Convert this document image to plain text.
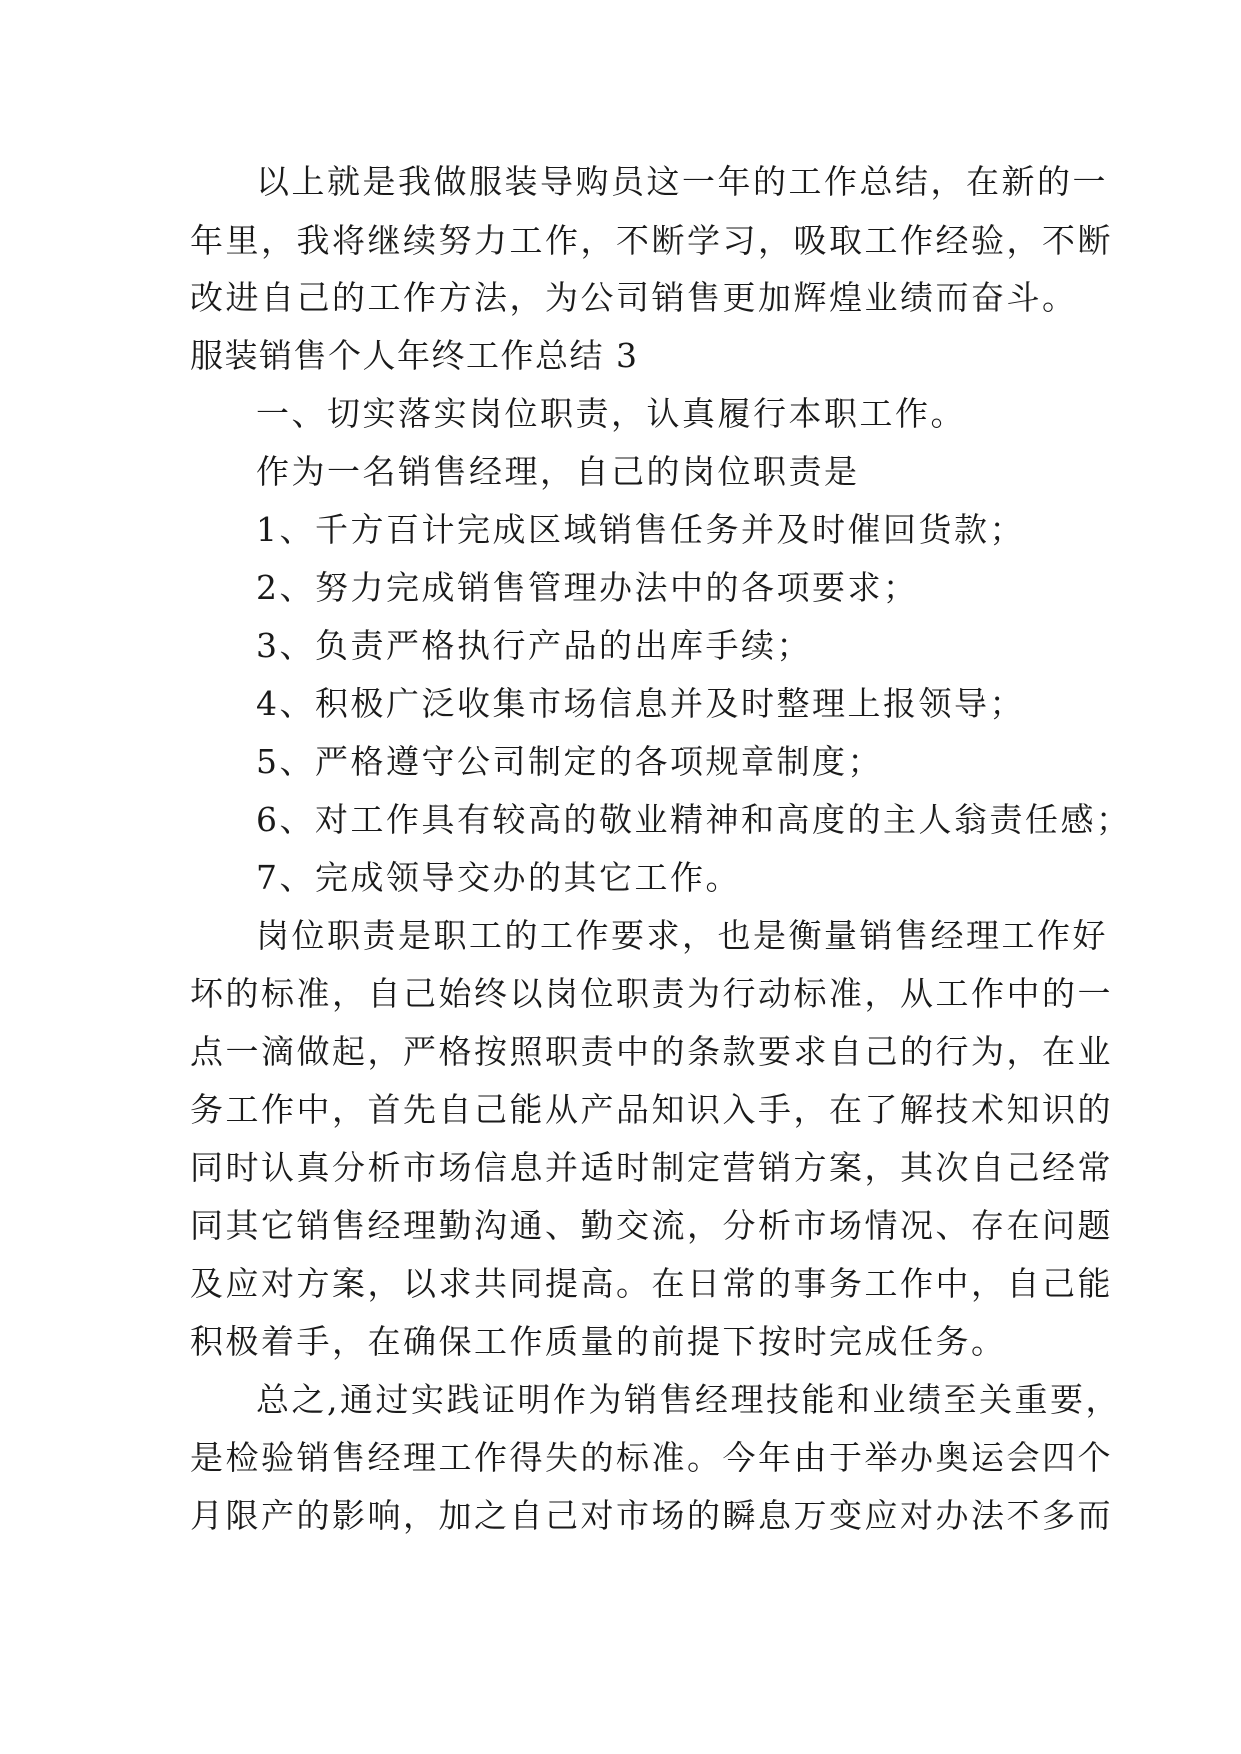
以上就是我做服装导购员这一年的工作总结，在新的一
年里，我将继续努力工作，不断学习，吸取工作经验，不断
改进自己的工作方法，为公司销售更加辉煌业绩而奋斗。
服装销售个人年终工作总结 3
一、切实落实岗位职责，认真履行本职工作。
作为一名销售经理，自己的岗位职责是
1、千方百计完成区域销售任务并及时催回货款；
2、努力完成销售管理办法中的各项要求；
3、负责严格执行产品的出库手续；
4、积极广泛收集市场信息并及时整理上报领导；
5、严格遵守公司制定的各项规章制度；
6、对工作具有较高的敬业精神和高度的主人翁责任感；
7、完成领导交办的其它工作。
岗位职责是职工的工作要求，也是衡量销售经理工作好
坏的标准，自己始终以岗位职责为行动标准，从工作中的一
点一滴做起，严格按照职责中的条款要求自己的行为，在业
务工作中，首先自己能从产品知识入手，在了解技术知识的
同时认真分析市场信息并适时制定营销方案，其次自己经常
同其它销售经理勤沟通、勤交流，分析市场情况、存在问题
及应对方案，以求共同提高。在日常的事务工作中，自己能
积极着手，在确保工作质量的前提下按时完成任务。
总之,通过实践证明作为销售经理技能和业绩至关重要，
是检验销售经理工作得失的标准。今年由于举办奥运会四个
月限产的影响，加之自己对市场的瞬息万变应对办法不多而
